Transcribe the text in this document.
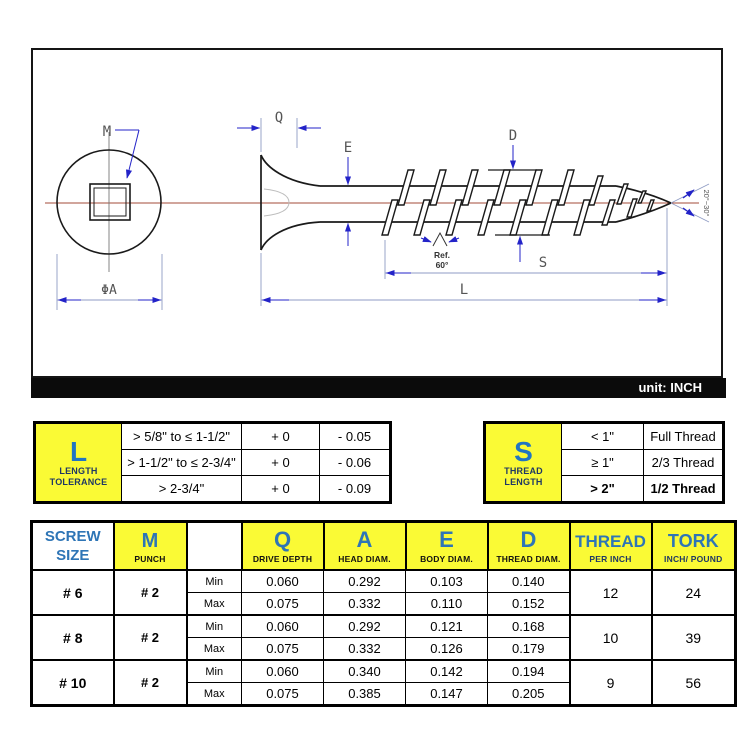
M
ΦA
Q
E
D
Ref.
60°	S
L
20°~30°
unit: INCH
L
LENGTH
TOLERANCE	> 5/8" to ≤ 1-1/2"	+ 0	- 0.05
	> 1-1/2" to ≤ 2-3/4"	+ 0	- 0.06
	> 2-3/4"	+ 0	- 0.09
S
THREAD
LENGTH	< 1"	Full Thread
	≥ 1"	2/3 Thread
	> 2"	1/2 Thread
SCREW
SIZE

M
PUNCH

Q
DRIVE DEPTH

A
HEAD DIAM.

E
BODY DIAM.

D
THREAD DIAM.

THREAD
PER INCH

TORK
INCH/ POUND

# 6	# 2	Min	0.060	0.292	0.103	0.140	12	24
		Max	0.075	0.332	0.110	0.152		
# 8	# 2	Min	0.060	0.292	0.121	0.168	10	39
		Max	0.075	0.332	0.126	0.179		
# 10	# 2	Min	0.060	0.340	0.142	0.194	9	56
		Max	0.075	0.385	0.147	0.205		
